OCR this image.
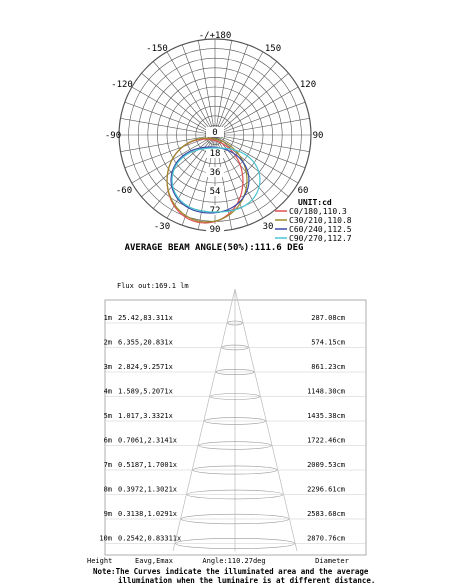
-/+180
-150	150
-120	120
-90	90
-60	60
-30	30
0
18
36
54
72
90
UNIT:cd
C0/180,110.3
C30/210,110.8
C60/240,112.5
C90/270,112.7
AVERAGE BEAM ANGLE(50%):111.6 DEG
Flux out:169.1 lm
1m 25.42,83.311x	287.08cm
2m 6.355,20.831x	574.15cm
3m 2.824,9.2571x	861.23cm
4m 1.589,5.2071x	1148.30cm
5m 1.017,3.3321x	1435.38cm
6m 0.7061,2.3141x	1722.46cm
7m 0.5187,1.7001x	2009.53cm
8m 0.3972,1.3021x	2296.61cm
9m 0.3138,1.0291x	2583.68cm
10m 0.2542,0.83311x	2870.76cm
Height	Eavg,Emax	Angle:110.27deg	Diameter
Note:The Curves indicate the illuminated area and the average
illumination when the luminaire is at different distance.
